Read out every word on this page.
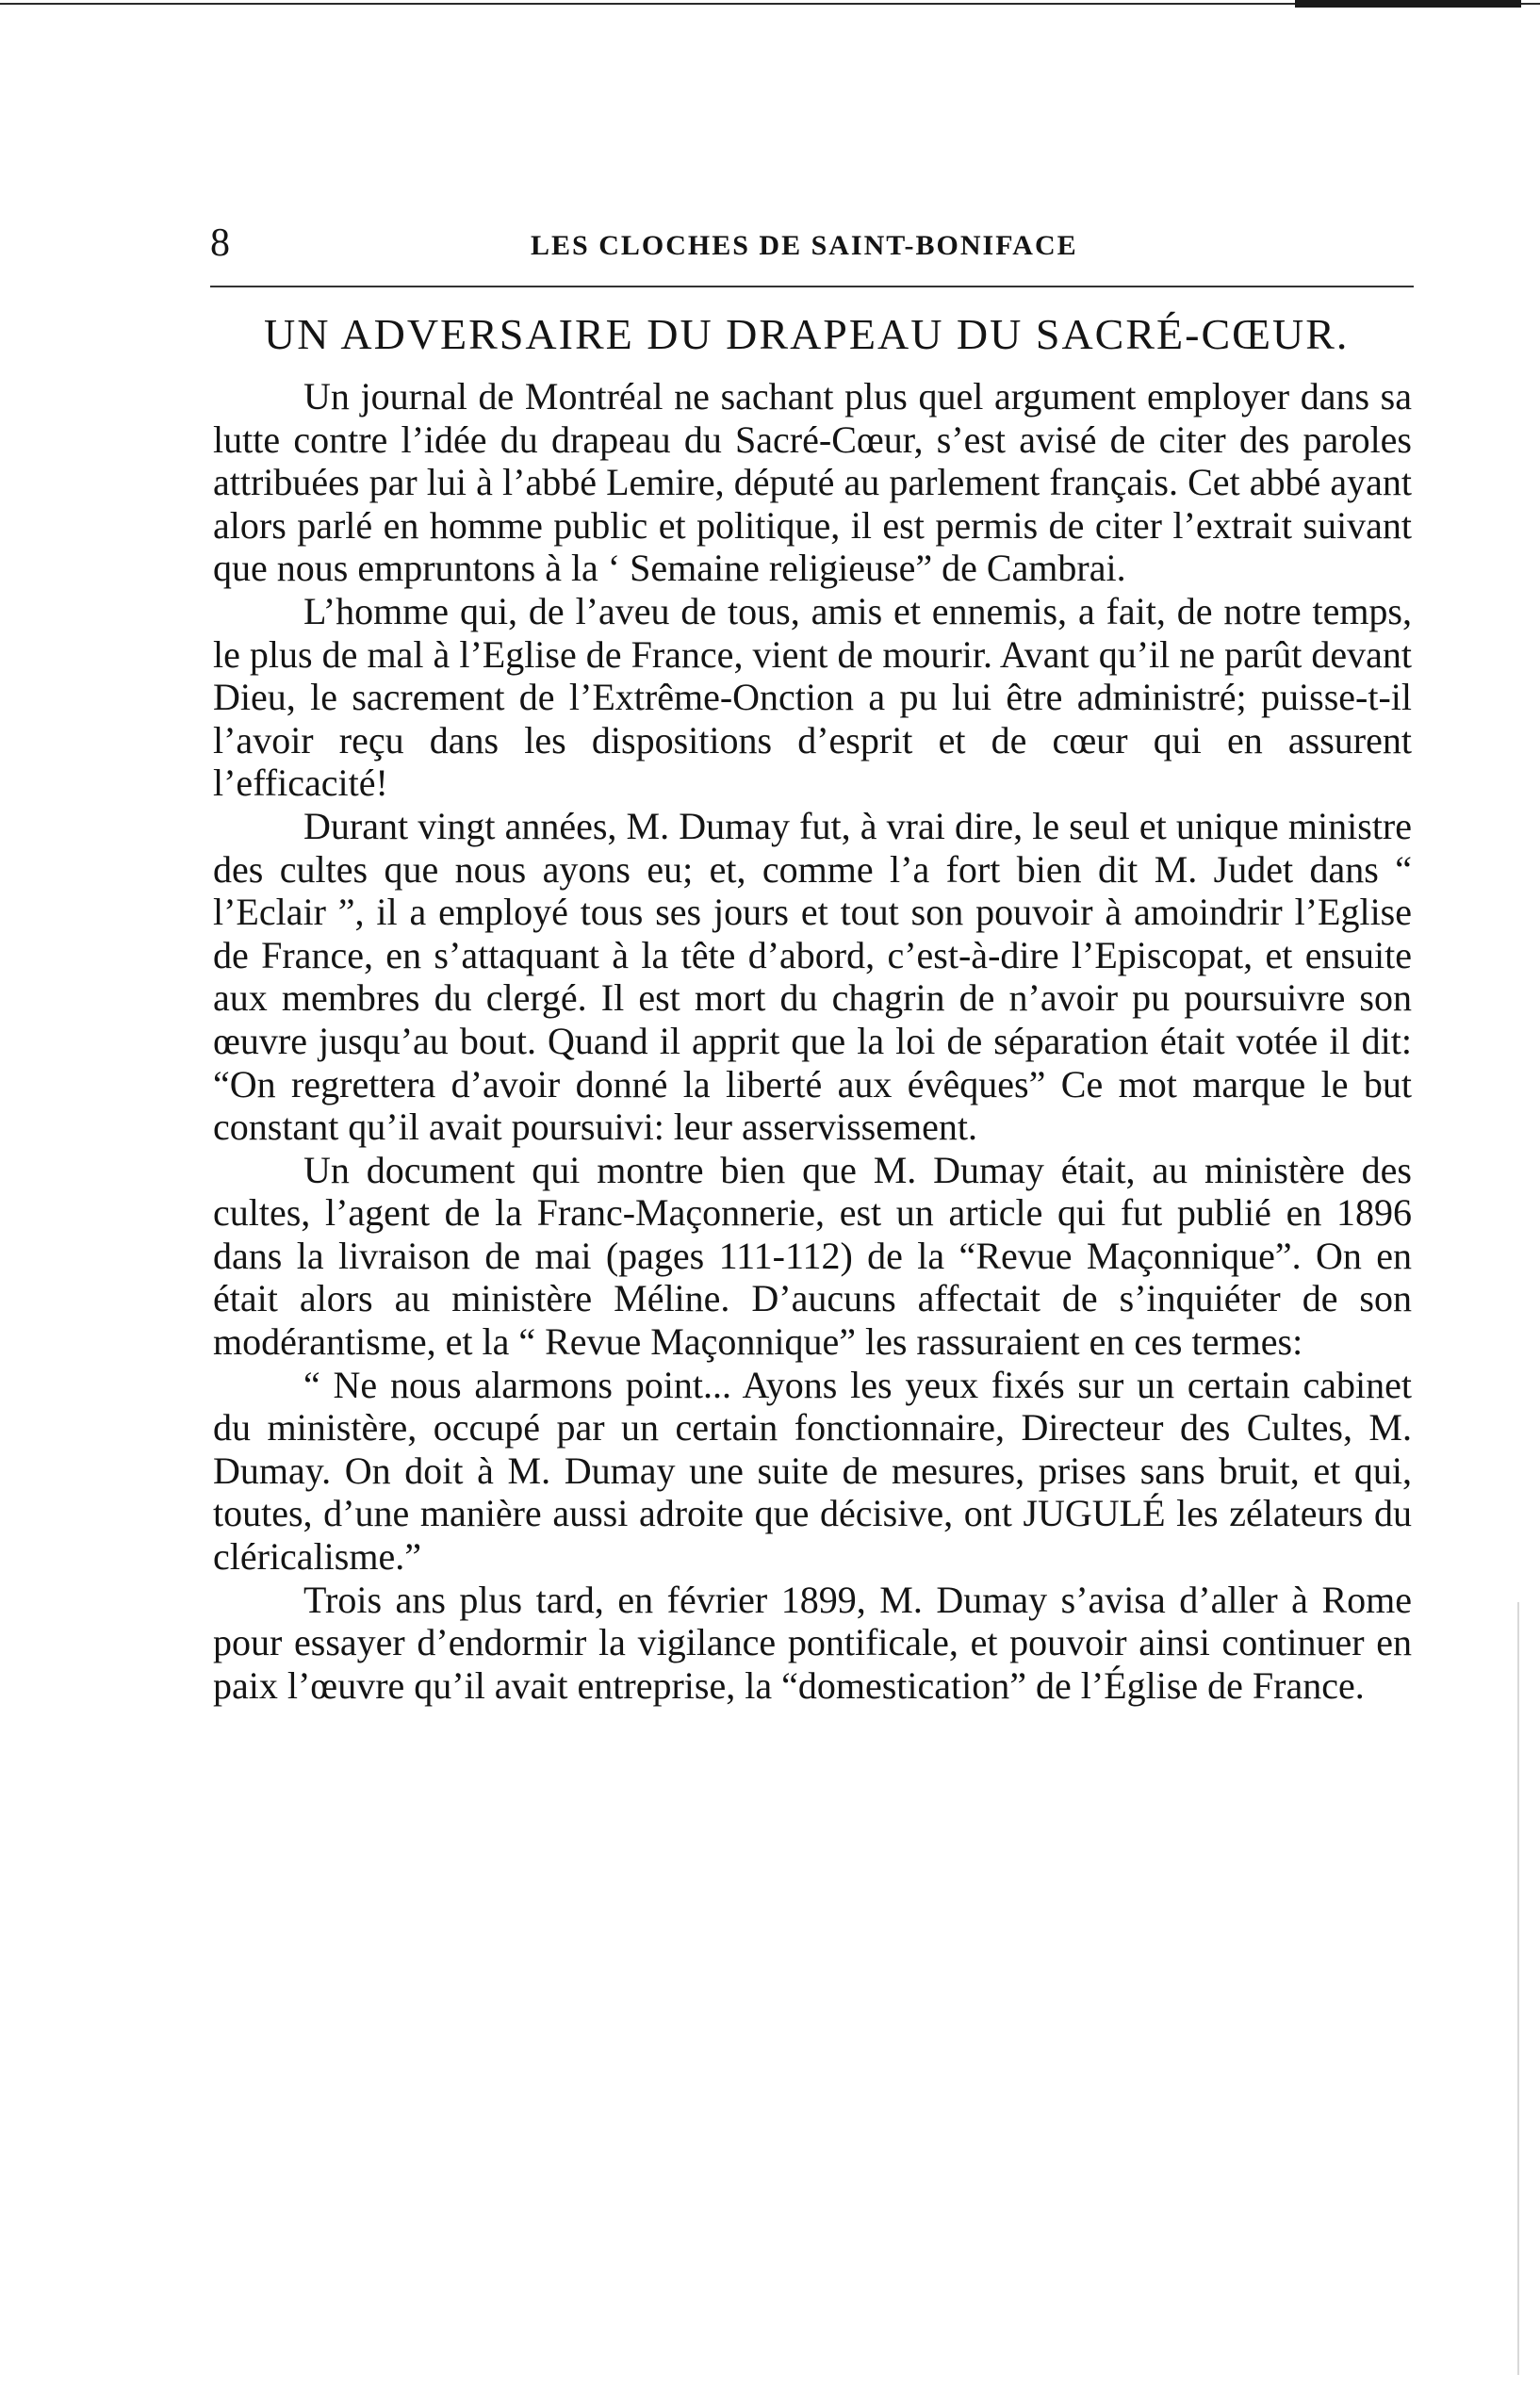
8	LES CLOCHES DE SAINT-BONIFACE
UN ADVERSAIRE DU DRAPEAU DU SACRÉ-CŒUR.

Un journal de Montréal ne sachant plus quel argument employer dans sa lutte contre l’idée du drapeau du Sacré-Cœur, s’est avisé de citer des paroles attribuées par lui à l’abbé Lemire, député au parlement français. Cet abbé ayant alors parlé en homme public et politique, il est permis de citer l’extrait suivant que nous empruntons à la ‘ Semaine religieuse” de Cambrai.

L’homme qui, de l’aveu de tous, amis et ennemis, a fait, de notre temps, le plus de mal à l’Eglise de France, vient de mourir. Avant qu’il ne parût devant Dieu, le sacrement de l’Extrême-Onction a pu lui être administré; puisse-t-il l’avoir reçu dans les dispositions d’esprit et de cœur qui en assurent l’efficacité!

Durant vingt années, M. Dumay fut, à vrai dire, le seul et unique ministre des cultes que nous ayons eu; et, comme l’a fort bien dit M. Judet dans “ l’Eclair ”, il a employé tous ses jours et tout son pouvoir à amoindrir l’Eglise de France, en s’attaquant à la tête d’abord, c’est-à-dire l’Episcopat, et ensuite aux membres du clergé. Il est mort du chagrin de n’avoir pu poursuivre son œuvre jusqu’au bout. Quand il apprit que la loi de séparation était votée il dit: “On regrettera d’avoir donné la liberté aux évêques” Ce mot marque le but constant qu’il avait poursuivi: leur asservissement.

Un document qui montre bien que M. Dumay était, au ministère des cultes, l’agent de la Franc-Maçonnerie, est un article qui fut publié en 1896 dans la livraison de mai (pages 111-112) de la “Revue Maçonnique”. On en était alors au ministère Méline. D’aucuns affectait de s’inquiéter de son modérantisme, et la “ Revue Maçonnique” les rassuraient en ces termes:

“ Ne nous alarmons point... Ayons les yeux fixés sur un certain cabinet du ministère, occupé par un certain fonctionnaire, Directeur des Cultes, M. Dumay. On doit à M. Dumay une suite de mesures, prises sans bruit, et qui, toutes, d’une manière aussi adroite que décisive, ont JUGULÉ les zélateurs du cléricalisme.”

Trois ans plus tard, en février 1899, M. Dumay s’avisa d’aller à Rome pour essayer d’endormir la vigilance pontificale, et pouvoir ainsi continuer en paix l’œuvre qu’il avait entreprise, la “domestication” de l’Église de France.
